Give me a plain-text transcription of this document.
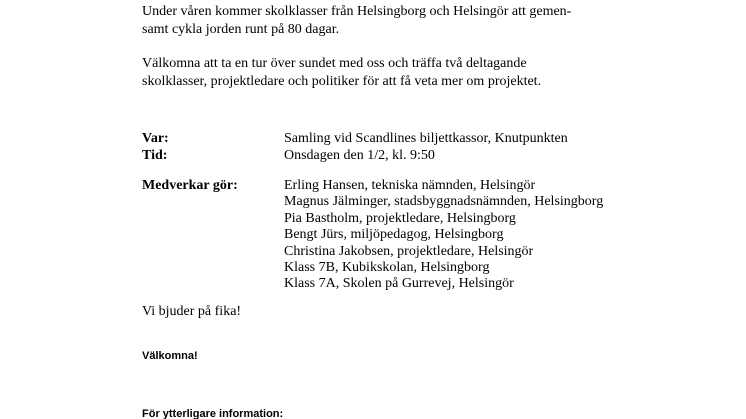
Under våren kommer skolklasser från Helsingborg och Helsingör att gemen-

samt cykla jorden runt på 80 dagar.

Välkomna att ta en tur över sundet med oss och träffa två deltagande

skolklasser, projektledare och politiker för att få veta mer om projektet.

Var:	Samling vid Scandlines biljettkassor, Knutpunkten
Tid:	Onsdagen den 1/2, kl. 9:50
Medverkar gör:	Erling Hansen, tekniska nämnden, Helsingör
Magnus Jälminger, stadsbyggnadsnämnden, Helsingborg
Pia Bastholm, projektledare, Helsingborg
Bengt Jürs, miljöpedagog, Helsingborg
Christina Jakobsen, projektledare, Helsingör
Klass 7B, Kubikskolan, Helsingborg
Klass 7A, Skolen på Gurrevej, Helsingör
Vi bjuder på fika!
Välkomna!
För ytterligare information:
